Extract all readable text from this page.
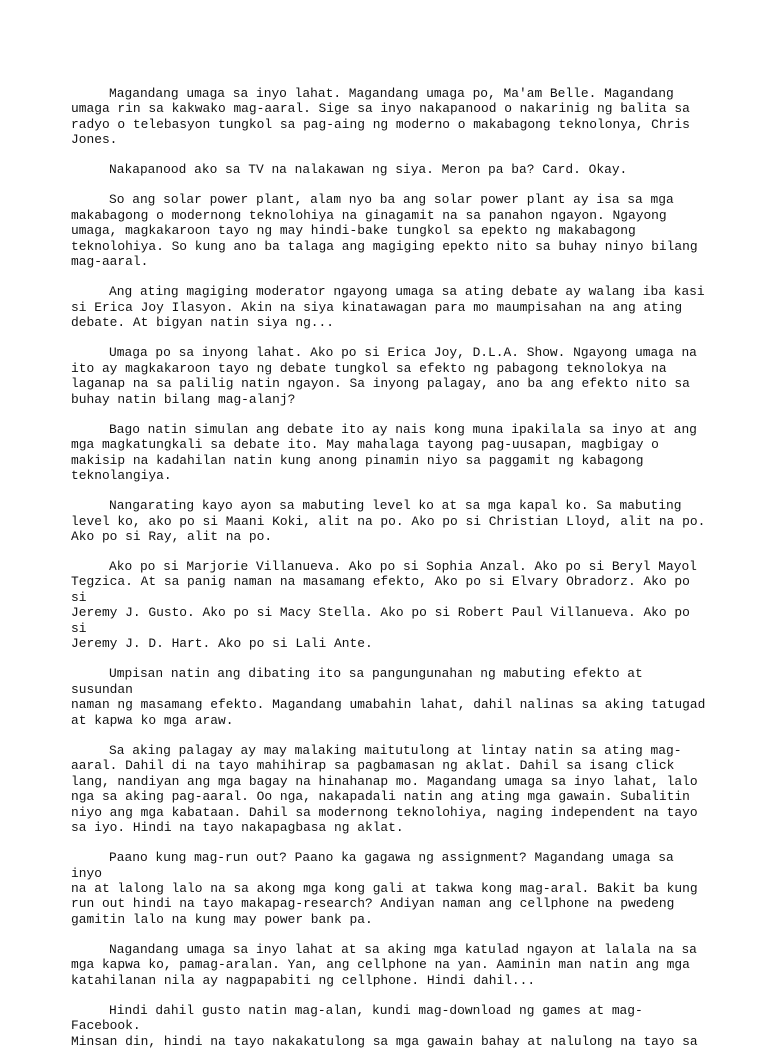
Magandang umaga sa inyo lahat. Magandang umaga po, Ma'am Belle. Magandang
umaga rin sa kakwako mag-aaral. Sige sa inyo nakapanood o nakarinig ng balita sa
radyo o telebasyon tungkol sa pag-aing ng moderno o makabagong teknolonya, Chris
Jones.

Nakapanood ako sa TV na nalakawan ng siya. Meron pa ba? Card. Okay.

So ang solar power plant, alam nyo ba ang solar power plant ay isa sa mga
makabagong o modernong teknolohiya na ginagamit na sa panahon ngayon. Ngayong
umaga, magkakaroon tayo ng may hindi-bake tungkol sa epekto ng makabagong
teknolohiya. So kung ano ba talaga ang magiging epekto nito sa buhay ninyo bilang
mag-aaral.

Ang ating magiging moderator ngayong umaga sa ating debate ay walang iba kasi
si Erica Joy Ilasyon. Akin na siya kinatawagan para mo maumpisahan na ang ating
debate. At bigyan natin siya ng...

Umaga po sa inyong lahat. Ako po si Erica Joy, D.L.A. Show. Ngayong umaga na
ito ay magkakaroon tayo ng debate tungkol sa efekto ng pabagong teknolokya na
laganap na sa palilig natin ngayon. Sa inyong palagay, ano ba ang efekto nito sa
buhay natin bilang mag-alanj?

Bago natin simulan ang debate ito ay nais kong muna ipakilala sa inyo at ang
mga magkatungkali sa debate ito. May mahalaga tayong pag-uusapan, magbigay o
makisip na kadahilan natin kung anong pinamin niyo sa paggamit ng kabagong
teknolangiya.

Nangarating kayo ayon sa mabuting level ko at sa mga kapal ko. Sa mabuting
level ko, ako po si Maani Koki, alit na po. Ako po si Christian Lloyd, alit na po.
Ako po si Ray, alit na po.

Ako po si Marjorie Villanueva. Ako po si Sophia Anzal. Ako po si Beryl Mayol
Tegzica. At sa panig naman na masamang efekto, Ako po si Elvary Obradorz. Ako po si
Jeremy J. Gusto. Ako po si Macy Stella. Ako po si Robert Paul Villanueva. Ako po si
Jeremy J. D. Hart. Ako po si Lali Ante.

Umpisan natin ang dibating ito sa pangungunahan ng mabuting efekto at susundan
naman ng masamang efekto. Magandang umabahin lahat, dahil nalinas sa aking tatugad
at kapwa ko mga araw.

Sa aking palagay ay may malaking maitutulong at lintay natin sa ating mag-
aaral. Dahil di na tayo mahihirap sa pagbamasan ng aklat. Dahil sa isang click
lang, nandiyan ang mga bagay na hinahanap mo. Magandang umaga sa inyo lahat, lalo
nga sa aking pag-aaral. Oo nga, nakapadali natin ang ating mga gawain. Subalitin
niyo ang mga kabataan. Dahil sa modernong teknolohiya, naging independent na tayo
sa iyo. Hindi na tayo nakapagbasa ng aklat.

Paano kung mag-run out? Paano ka gagawa ng assignment? Magandang umaga sa inyo
na at lalong lalo na sa akong mga kong gali at takwa kong mag-aral. Bakit ba kung
run out hindi na tayo makapag-research? Andiyan naman ang cellphone na pwedeng
gamitin lalo na kung may power bank pa.

Nagandang umaga sa inyo lahat at sa aking mga katulad ngayon at lalala na sa
mga kapwa ko, pamag-aralan. Yan, ang cellphone na yan. Aaminin man natin ang mga
katahilanan nila ay nagpapabiti ng cellphone. Hindi dahil...

Hindi dahil gusto natin mag-alan, kundi mag-download ng games at mag-Facebook.
Minsan din, hindi na tayo nakakatulong sa mga gawain bahay at nalulong na tayo sa
